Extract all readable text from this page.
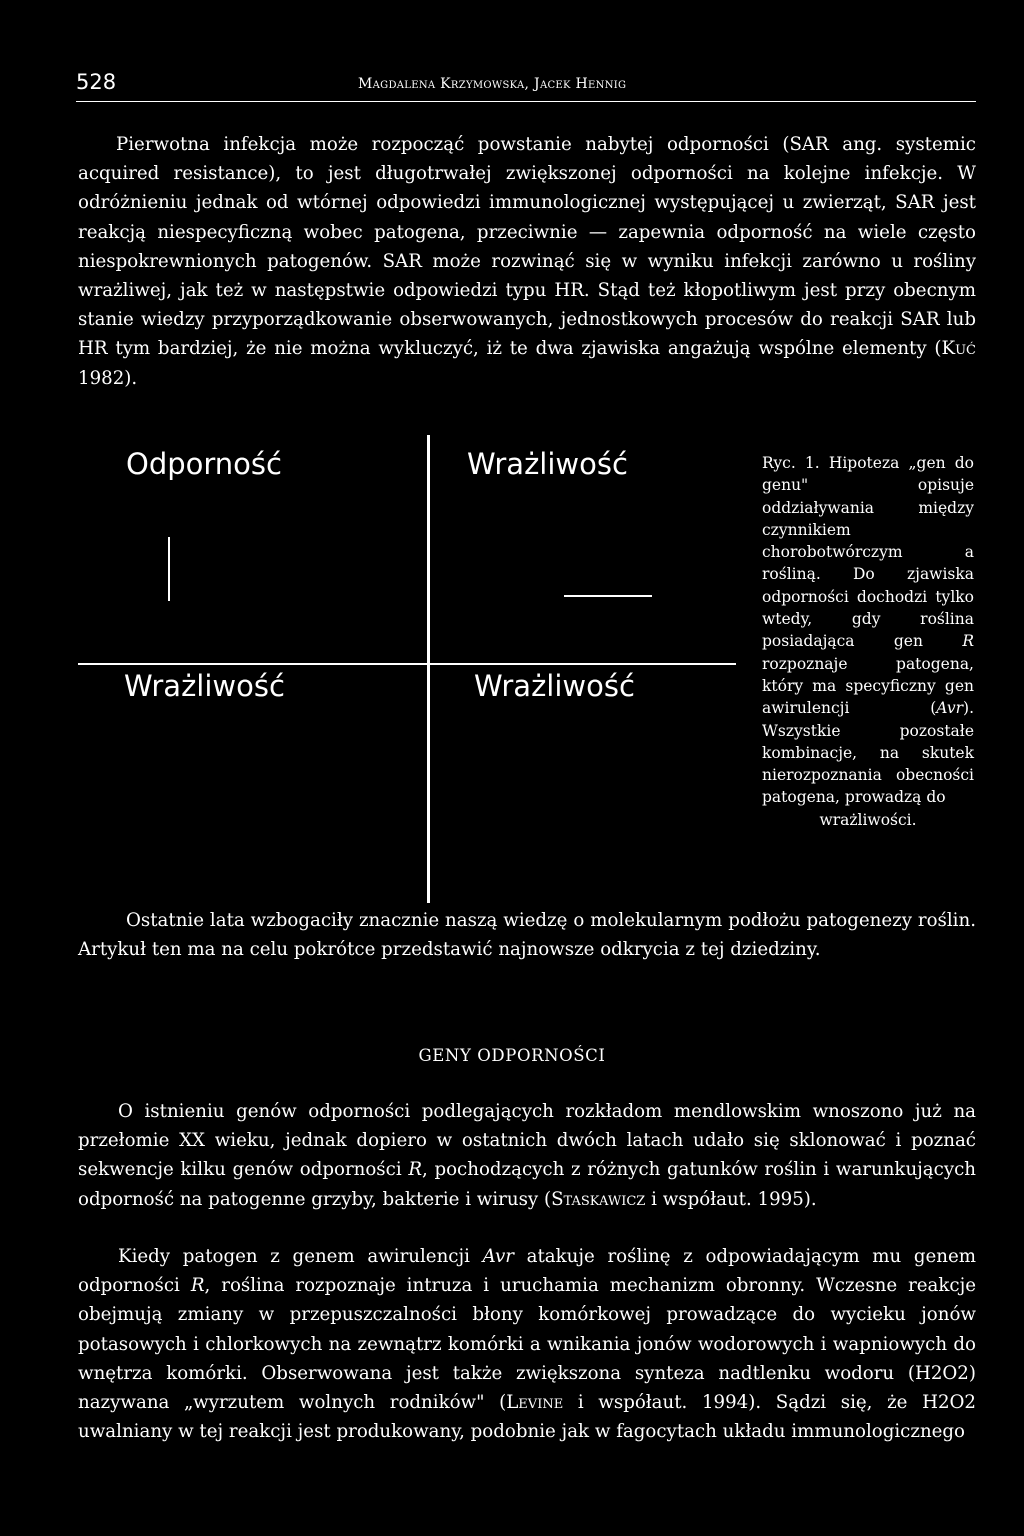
528	Magdalena Krzymowska, Jacek Hennig

Pierwotna infekcja może rozpocząć powstanie nabytej odporności (SAR ang. systemic acquired resistance), to jest długotrwałej zwiększonej odporności na kolejne infekcje. W odróżnieniu jednak od wtórnej odpowiedzi immunologicznej występującej u zwierząt, SAR jest reakcją niespecyficzną wobec patogena, przeciwnie — zapewnia odporność na wiele często niespokrewnionych patogenów. SAR może rozwinąć się w wyniku infekcji zarówno u rośliny wrażliwej, jak też w następstwie odpowiedzi typu HR. Stąd też kłopotliwym jest przy obecnym stanie wiedzy przyporządkowanie obserwowanych, jednostkowych procesów do reakcji SAR lub HR tym bardziej, że nie można wykluczyć, iż te dwa zjawiska angażują wspólne elementy (Kuć 1982).

Odporność	Wrażliwość
Wrażliwość	Wrażliwość
Ryc. 1. Hipoteza „gen do genu" opisuje oddziaływania między czynnikiem chorobotwórczym a rośliną. Do zjawiska odporności dochodzi tylko wtedy, gdy roślina posiadająca gen R rozpoznaje patogena, który ma specyficzny gen awirulencji (Avr). Wszystkie pozostałe kombinacje, na skutek nierozpoznania obecności patogena, prowadzą do
wrażliwości.

Ostatnie lata wzbogaciły znacznie naszą wiedzę o molekularnym podłożu patogenezy roślin. Artykuł ten ma na celu pokrótce przedstawić najnowsze odkrycia z tej dziedziny.

GENY ODPORNOŚCI

O istnieniu genów odporności podlegających rozkładom mendlowskim wnoszono już na przełomie XX wieku, jednak dopiero w ostatnich dwóch latach udało się sklonować i poznać sekwencje kilku genów odporności R, pochodzących z różnych gatunków roślin i warunkujących odporność na patogenne grzyby, bakterie i wirusy (Staskawicz i współaut. 1995).

Kiedy patogen z genem awirulencji Avr atakuje roślinę z odpowiadającym mu genem odporności R, roślina rozpoznaje intruza i uruchamia mechanizm obronny. Wczesne reakcje obejmują zmiany w przepuszczalności błony komórkowej prowadzące do wycieku jonów potasowych i chlorkowych na zewnątrz komórki a wnikania jonów wodorowych i wapniowych do wnętrza komórki. Obserwowana jest także zwiększona synteza nadtlenku wodoru (H2O2) nazywana „wyrzutem wolnych rodników" (Levine i współaut. 1994). Sądzi się, że H2O2 uwalniany w tej reakcji jest produkowany, podobnie jak w fagocytach układu immunologicznego
